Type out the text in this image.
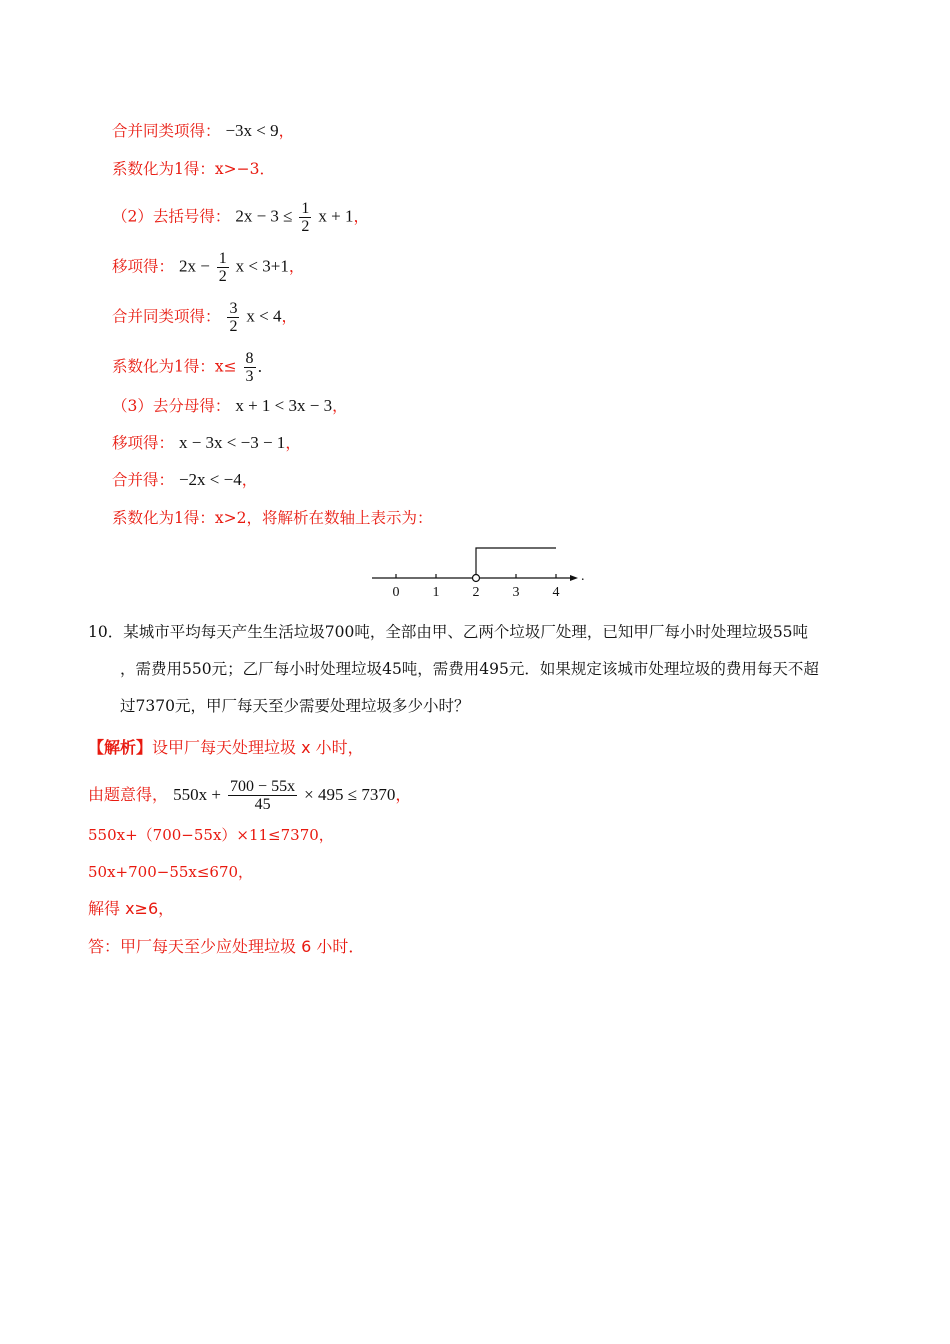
合并同类项得： −3x < 9，
系数化为1得：x>−3．
（2）去括号得： $2x - 3 \le \frac{1}{2}$ x + 1，
移项得： $2x - \frac{1}{2}$ x < 3+1，
合并同类项得： $\frac{3}{2}$ x < 4，
系数化为1得：$x\le \frac{8}{3}$ ．
（3）去分母得： x + 1 < 3x − 3，
移项得： x − 3x < −3 − 1，
合并得： −2x < −4，
系数化为1得：x>2，将解析在数轴上表示为：
.
0 1 2 3 4
10．某城市平均每天产生生活垃圾700吨，全部由甲、乙两个垃圾厂处理，已知甲厂每小时处理垃圾55吨
，需费用550元；乙厂每小时处理垃圾45吨，需费用495元．如果规定该城市处理垃圾的费用每天不超
过7370元，甲厂每天至少需要处理垃圾多少小时？
【解析】设甲厂每天处理垃圾 x 小时，
由题意得， $550x + \frac{700 - 55x}{45} \times 495 \le 7370$，
550x+（700−55x）×11≤7370，
50x+700−55x≤670，
解得 x≥6，
答：甲厂每天至少应处理垃圾 6 小时．
